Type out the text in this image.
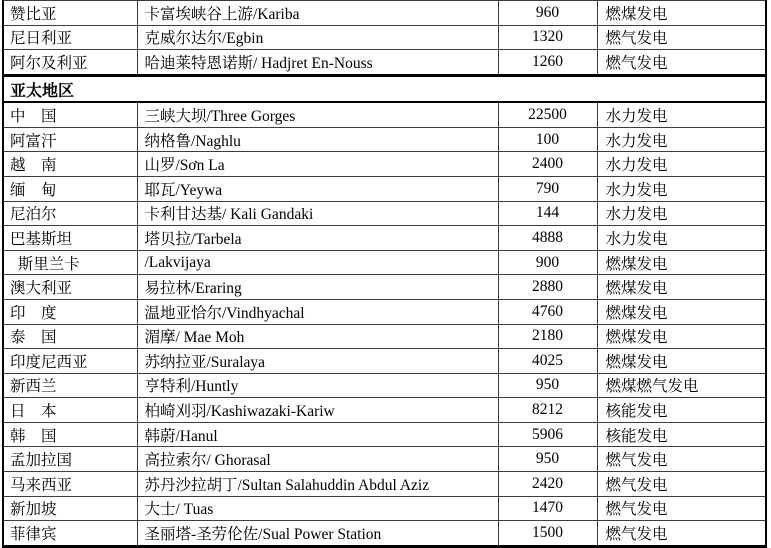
赞比亚	卡富埃峡谷上游/Kariba	960	燃煤发电
尼日利亚	克威尔达尔/Egbin	1320	燃气发电
阿尔及利亚	哈迪莱特恩诺斯/ Hadjret En-Nouss	1260	燃气发电
亚太地区			
中　国	三峡大坝/Three Gorges	22500	水力发电
阿富汗	纳格鲁/Naghlu	100	水力发电
越　南	山罗/Sơn La	2400	水力发电
缅　甸	耶瓦/Yeywa	790	水力发电
尼泊尔	卡利甘达基/ Kali Gandaki	144	水力发电
巴基斯坦	塔贝拉/Tarbela	4888	水力发电
斯里兰卡	/Lakvijaya	900	燃煤发电
澳大利亚	易拉林/Eraring	2880	燃煤发电
印　度	温地亚恰尔/Vindhyachal	4760	燃煤发电
泰　国	湄摩/ Mae Moh	2180	燃煤发电
印度尼西亚	苏纳拉亚/Suralaya	4025	燃煤发电
新西兰	亨特利/Huntly	950	燃煤燃气发电
日　本	柏崎刈羽/Kashiwazaki-Kariw	8212	核能发电
韩　国	韩蔚/Hanul	5906	核能发电
孟加拉国	高拉索尔/ Ghorasal	950	燃气发电
马来西亚	苏丹沙拉胡丁/Sultan Salahuddin Abdul Aziz	2420	燃气发电
新加坡	大士/ Tuas	1470	燃气发电
菲律宾	圣丽塔-圣劳伦佐/Sual Power Station	1500	燃气发电
